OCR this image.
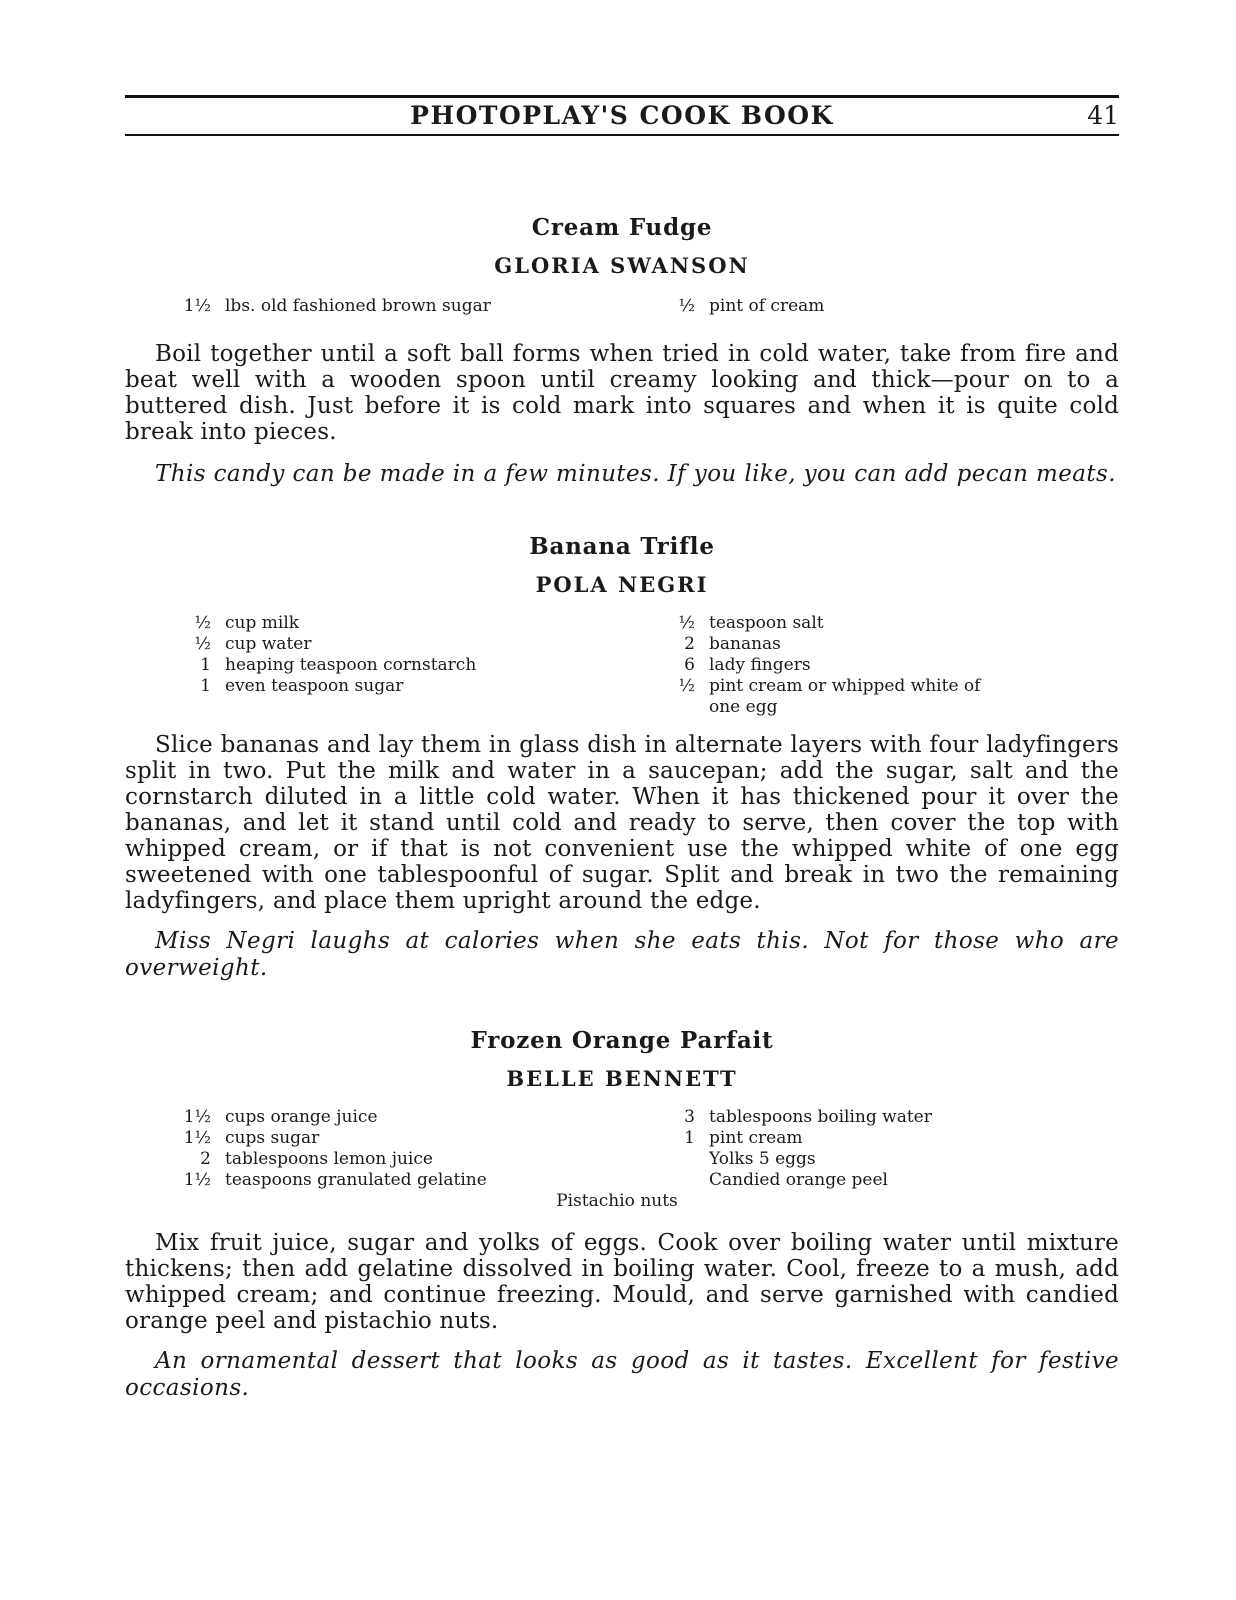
PHOTOPLAY'S COOK BOOK	41
Cream Fudge
GLORIA SWANSON
1½ lbs. old fashioned brown sugar	½ pint of cream

Boil together until a soft ball forms when tried in cold water, take from fire and beat well with a wooden spoon until creamy looking and thick—pour on to a buttered dish. Just before it is cold mark into squares and when it is quite cold break into pieces.

This candy can be made in a few minutes. If you like, you can add pecan meats.

Banana Trifle
POLA NEGRI
½ cup milk
½ cup water
1 heaping teaspoon cornstarch
1 even teaspoon sugar
½ teaspoon salt
2 bananas
6 lady fingers
½ pint cream or whipped white of
one egg

Slice bananas and lay them in glass dish in alternate layers with four ladyfingers split in two. Put the milk and water in a saucepan; add the sugar, salt and the cornstarch diluted in a little cold water. When it has thickened pour it over the bananas, and let it stand until cold and ready to serve, then cover the top with whipped cream, or if that is not convenient use the whipped white of one egg sweetened with one tablespoonful of sugar. Split and break in two the remaining ladyfingers, and place them upright around the edge.

Miss Negri laughs at calories when she eats this. Not for those who are overweight.

Frozen Orange Parfait
BELLE BENNETT
1½ cups orange juice
1½ cups sugar
2 tablespoons lemon juice
1½ teaspoons granulated gelatine
3 tablespoons boiling water
1 pint cream
Yolks 5 eggs
Candied orange peel
Pistachio nuts

Mix fruit juice, sugar and yolks of eggs. Cook over boiling water until mixture thickens; then add gelatine dissolved in boiling water. Cool, freeze to a mush, add whipped cream; and continue freezing. Mould, and serve garnished with candied orange peel and pistachio nuts.

An ornamental dessert that looks as good as it tastes. Excellent for festive occasions.
